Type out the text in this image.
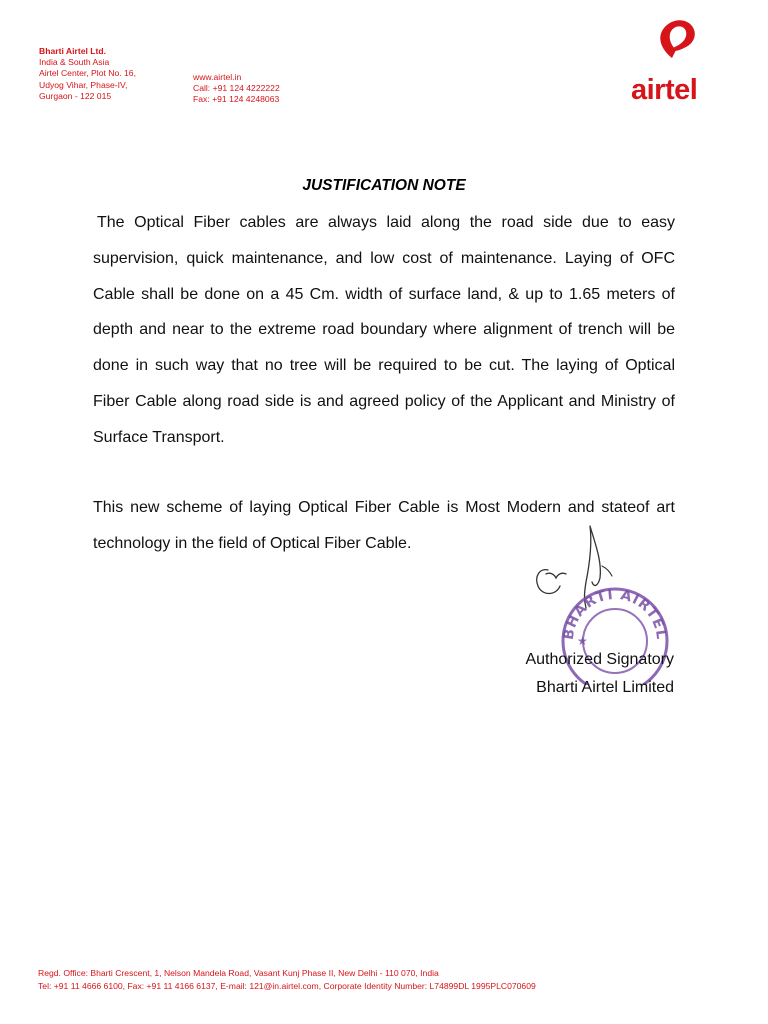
Bharti Airtel Ltd.
India & South Asia
Airtel Center, Plot No. 16,
Udyog Vihar, Phase-IV,
Gurgaon - 122 015
www.airtel.in
Call: +91 124 4222222
Fax: +91 124 4248063	airtel
JUSTIFICATION NOTE

The Optical Fiber cables are always laid along the road side due to easy supervision, quick maintenance, and low cost of maintenance. Laying of OFC Cable shall be done on a 45 Cm. width of surface land, & up to 1.65 meters of depth and near to the extreme road boundary where alignment of trench will be done in such way that no tree will be required to be cut. The laying of Optical Fiber Cable along road side is and agreed policy of the Applicant and Ministry of Surface Transport.

This new scheme of laying Optical Fiber Cable is Most Modern and stateof art technology in the field of Optical Fiber Cable.

BHARTI AIRTEL
★
Authorized Signatory
Bharti Airtel Limited
Regd. Office: Bharti Crescent, 1, Nelson Mandela Road, Vasant Kunj Phase II, New Delhi - 110 070, India
Tel: +91 11 4666 6100, Fax: +91 11 4166 6137, E-mail: 121@in.airtel.com, Corporate Identity Number: L74899DL 1995PLC070609
